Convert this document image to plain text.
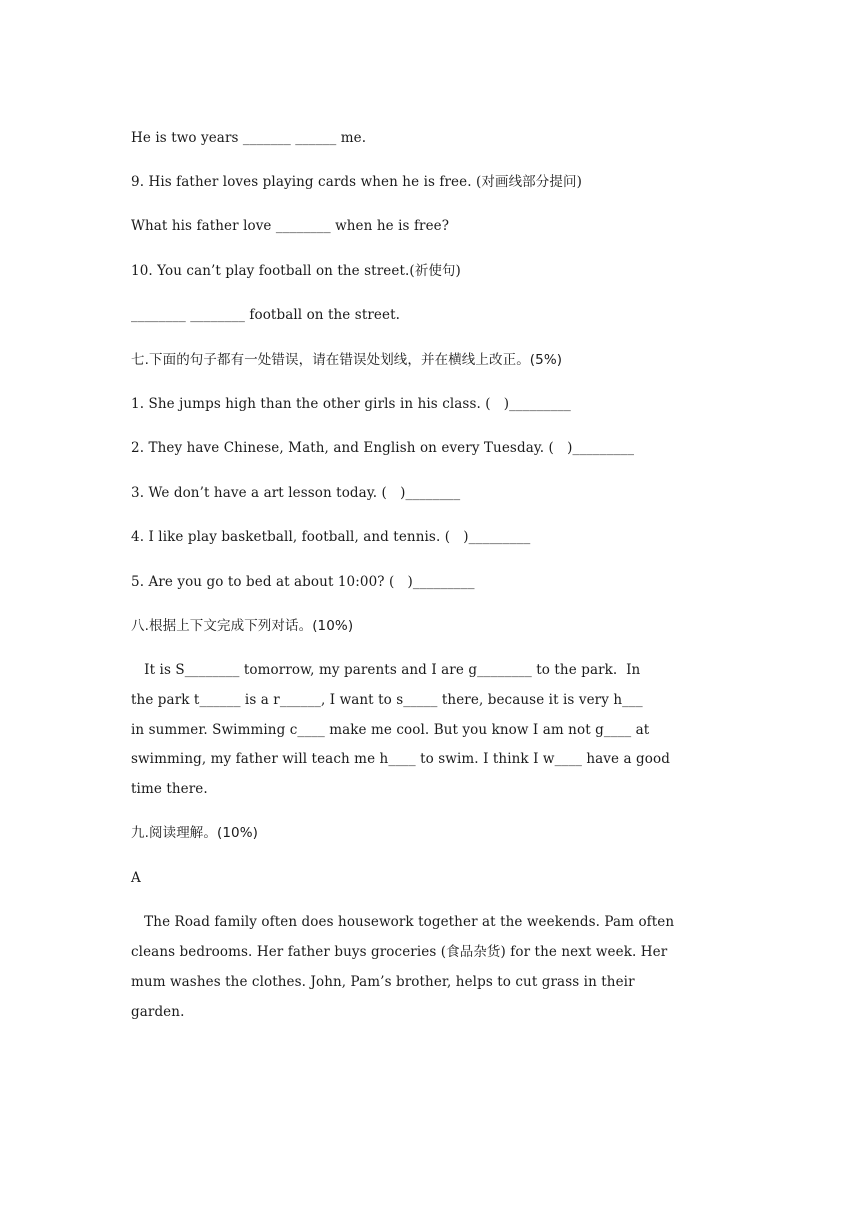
He is two years _______ ______ me.
9. His father loves playing cards when he is free. (对画线部分提问)
What his father love ________ when he is free?
10. You can’t play football on the street.(祈使句)
________ ________ football on the street.
七.下面的句子都有一处错误，请在错误处划线，并在横线上改正。(5%)
1. She jumps high than the other girls in his class. (   )_________
2. They have Chinese, Math, and English on every Tuesday. (   )_________
3. We don’t have a art lesson today. (   )________
4. I like play basketball, football, and tennis. (   )_________
5. Are you go to bed at about 10:00? (   )_________
八.根据上下文完成下列对话。(10%)
It is S________ tomorrow, my parents and I are g________ to the park.  In
the park t______ is a r______, I want to s_____ there, because it is very h___
in summer. Swimming c____ make me cool. But you know I am not g____ at
swimming, my father will teach me h____ to swim. I think I w____ have a good
time there.
九.阅读理解。(10%)
A
The Road family often does housework together at the weekends. Pam often
cleans bedrooms. Her father buys groceries (食品杂货) for the next week. Her
mum washes the clothes. John, Pam’s brother, helps to cut grass in their
garden.
